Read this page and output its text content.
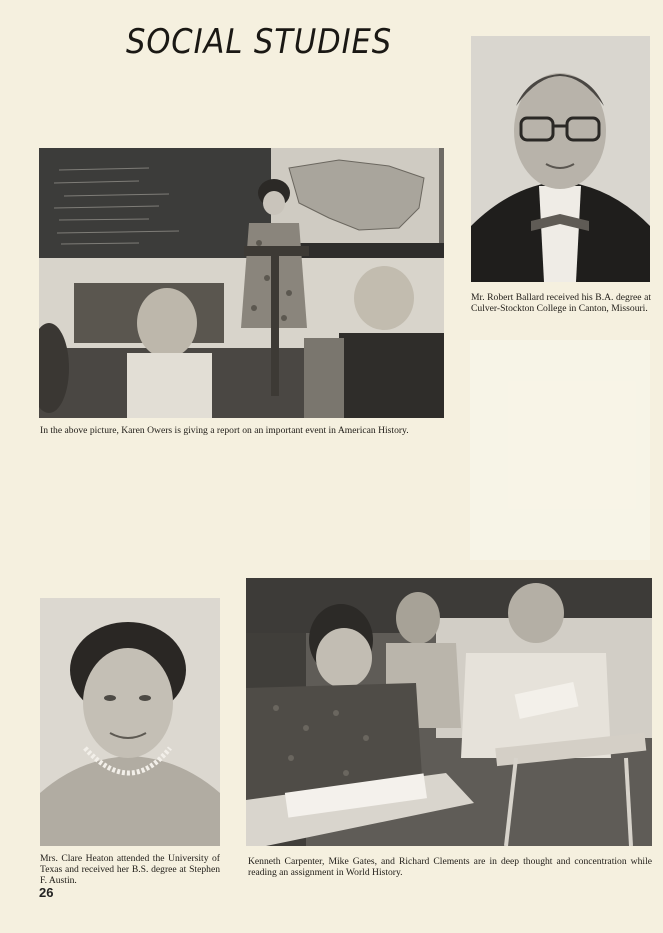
SOCIAL STUDIES
In the above picture, Karen Owers is giving a report on an important event in American History.
Mr. Robert Ballard received his B.A. degree at Culver-Stockton College in Canton, Missouri.
Mrs. Clare Heaton attended the University of Texas and received her B.S. degree at Stephen F. Austin.
Kenneth Carpenter, Mike Gates, and Richard Clements are in deep thought and concentration while reading an assignment in World History.
26
